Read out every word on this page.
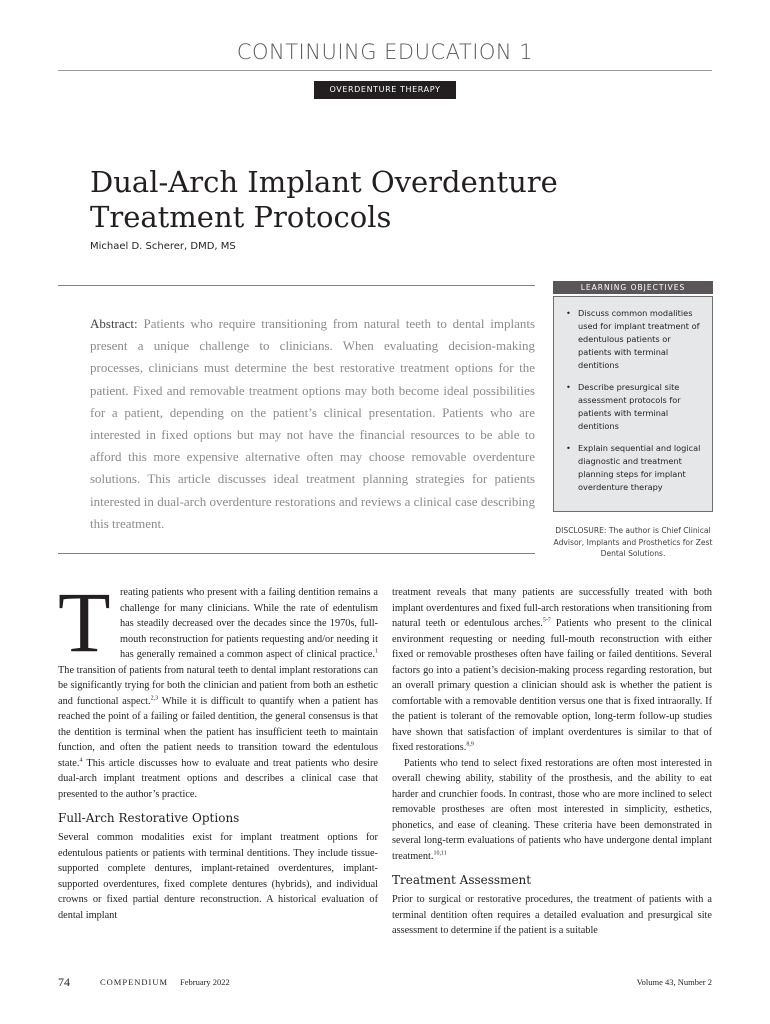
CONTINUING EDUCATION 1
OVERDENTURE THERAPY
Dual-Arch Implant Overdenture
Treatment Protocols
Michael D. Scherer, DMD, MS

Abstract: Patients who require transitioning from natural teeth to dental implants present a unique challenge to clinicians. When evaluating decision-making processes, clinicians must determine the best restorative treatment options for the patient. Fixed and removable treatment options may both become ideal possibilities for a patient, depending on the patient’s clinical presentation. Patients who are interested in fixed options but may not have the financial resources to be able to afford this more expensive alternative often may choose removable overdenture solutions. This article discusses ideal treatment planning strategies for patients interested in dual-arch overdenture restorations and reviews a clinical case describing this treatment.

LEARNING OBJECTIVES
• Discuss common modalities used for implant treatment of edentulous patients or patients with terminal dentitions
• Describe presurgical site assessment protocols for patients with terminal dentitions
• Explain sequential and logical diagnostic and treatment planning steps for implant overdenture therapy
DISCLOSURE: The author is Chief Clinical Advisor, Implants and Prosthetics for Zest Dental Solutions.

Treating patients who present with a failing dentition remains a challenge for many clinicians. While the rate of edentulism has steadily decreased over the decades since the 1970s, full-mouth reconstruction for patients requesting and/or needing it has generally remained a common aspect of clinical practice.$^1$ The transition of patients from natural teeth to dental implant restorations can be significantly trying for both the clinician and patient from both an esthetic and functional aspect.$^{2,3}$ While it is difficult to quantify when a patient has reached the point of a failing or failed dentition, the general consensus is that the dentition is terminal when the patient has insufficient teeth to maintain function, and often the patient needs to transition toward the edentulous state.$^4$ This article discusses how to evaluate and treat patients who desire dual-arch implant treatment options and describes a clinical case that presented to the author’s practice.

Full-Arch Restorative Options

Several common modalities exist for implant treatment options for edentulous patients or patients with terminal dentitions. They include tissue-supported complete dentures, implant-retained overdentures, implant-supported overdentures, fixed complete dentures (hybrids), and individual crowns or fixed partial denture reconstruction. A historical evaluation of dental implant

treatment reveals that many patients are successfully treated with both implant overdentures and fixed full-arch restorations when transitioning from natural teeth or edentulous arches.$^{5-7}$ Patients who present to the clinical environment requesting or needing full-mouth reconstruction with either fixed or removable prostheses often have failing or failed dentitions. Several factors go into a patient’s decision-making process regarding restoration, but an overall primary question a clinician should ask is whether the patient is comfortable with a removable dentition versus one that is fixed intraorally. If the patient is tolerant of the removable option, long-term follow-up studies have shown that satisfaction of implant overdentures is similar to that of fixed restorations.$^{8,9}$

Patients who tend to select fixed restorations are often most interested in overall chewing ability, stability of the prosthesis, and the ability to eat harder and crunchier foods. In contrast, those who are more inclined to select removable prostheses are often most interested in simplicity, esthetics, phonetics, and ease of cleaning. These criteria have been demonstrated in several long-term evaluations of patients who have undergone dental implant treatment.$^{10,11}$

Treatment Assessment

Prior to surgical or restorative procedures, the treatment of patients with a terminal dentition often requires a detailed evaluation and presurgical site assessment to determine if the patient is a suitable

74	COMPENDIUM February 2022	Volume 43, Number 2
